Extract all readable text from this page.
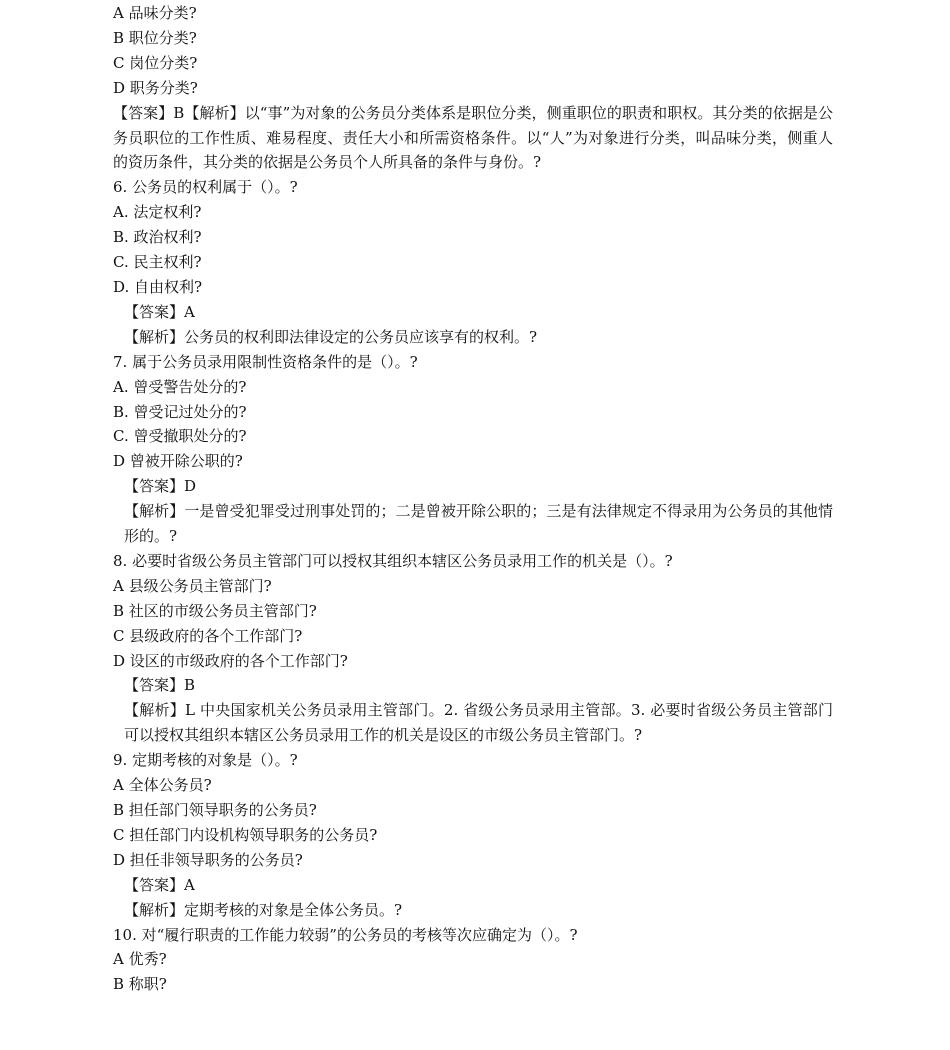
A 品味分类?
B 职位分类?
C 岗位分类?
D 职务分类?
【答案】B【解析】以“事”为对象的公务员分类体系是职位分类，侧重职位的职责和职权。其分类的依据是公务员职位的工作性质、难易程度、责任大小和所需资格条件。以“人”为对象进行分类，叫品味分类，侧重人的资历条件，其分类的依据是公务员个人所具备的条件与身份。?
6. 公务员的权利属于（）。?
A. 法定权利?
B. 政治权利?
C. 民主权利?
D. 自由权利?
【答案】A
【解析】公务员的权利即法律设定的公务员应该享有的权利。?
7. 属于公务员录用限制性资格条件的是（）。?
A. 曾受警告处分的?
B. 曾受记过处分的?
C. 曾受撤职处分的?
D 曾被开除公职的?
【答案】D
【解析】一是曾受犯罪受过刑事处罚的；二是曾被开除公职的；三是有法律规定不得录用为公务员的其他情形的。?
8. 必要时省级公务员主管部门可以授权其组织本辖区公务员录用工作的机关是（）。?
A 县级公务员主管部门?
B 社区的市级公务员主管部门?
C 县级政府的各个工作部门?
D 设区的市级政府的各个工作部门?
【答案】B
【解析】L 中央国家机关公务员录用主管部门。2. 省级公务员录用主管部。3. 必要时省级公务员主管部门可以授权其组织本辖区公务员录用工作的机关是设区的市级公务员主管部门。?
9. 定期考核的对象是（）。?
A 全体公务员?
B 担任部门领导职务的公务员?
C 担任部门内设机构领导职务的公务员?
D 担任非领导职务的公务员?
【答案】A
【解析】定期考核的对象是全体公务员。?
10. 对“履行职责的工作能力较弱”的公务员的考核等次应确定为（）。?
A 优秀?
B 称职?
